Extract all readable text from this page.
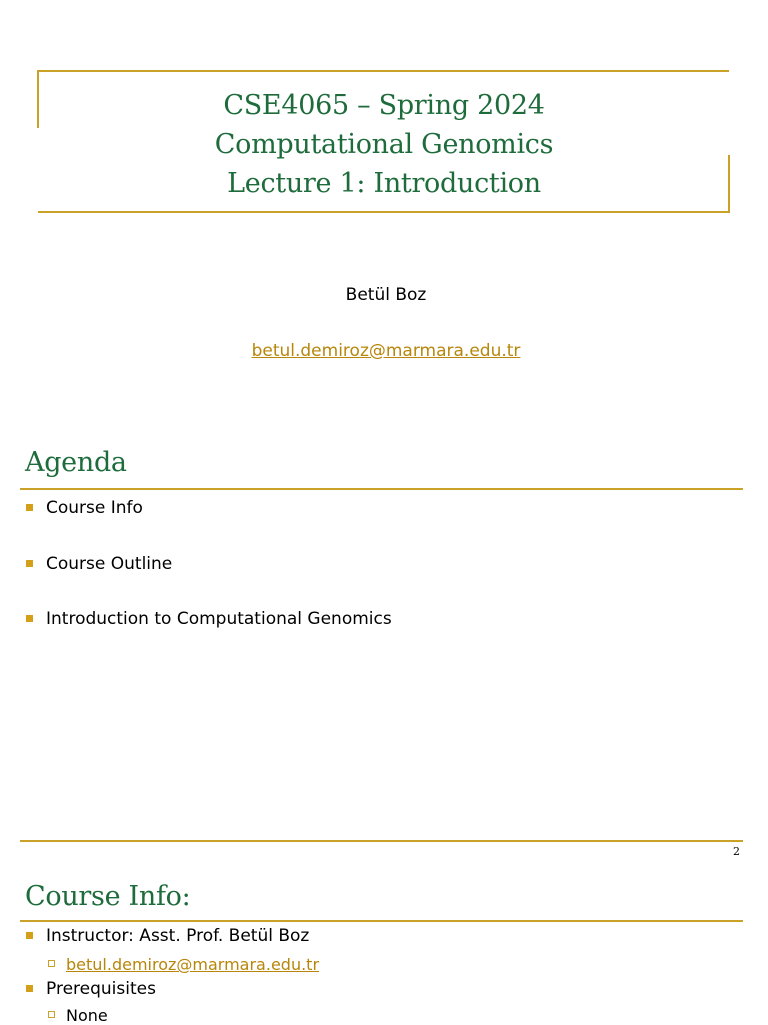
CSE4065 – Spring 2024
Computational Genomics
Lecture 1: Introduction
Betül Boz
betul.demiroz@marmara.edu.tr
Agenda
Course Info
Course Outline
Introduction to Computational Genomics
2
Course Info:
Instructor: Asst. Prof. Betül Boz
betul.demiroz@marmara.edu.tr
Prerequisites
None
